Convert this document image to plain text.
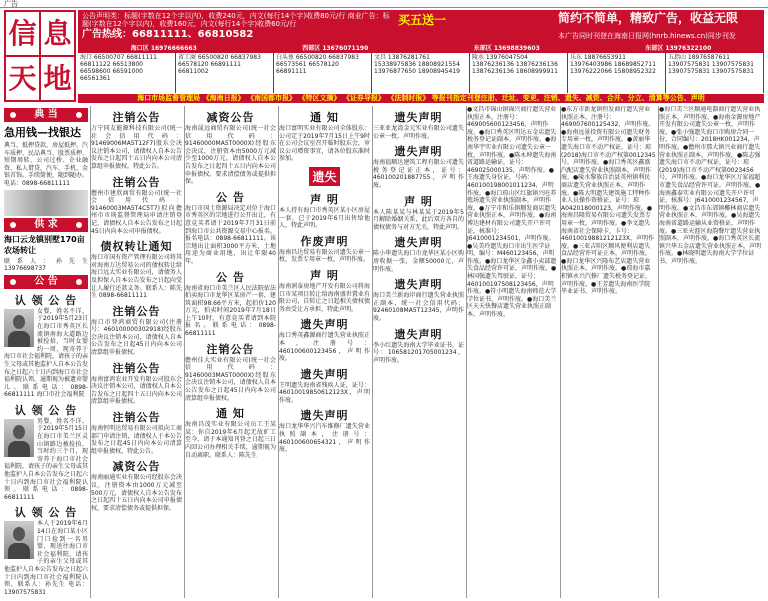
广告
信 息
天 地
公告声明类：标题(字数在12个字以内)，收费240元，内文(每行14个字)收费80元/行 商业广告：标题(字数在12个字以内)，收费160元，内文(每行14个字)收费60元/行
广告热线：66811111、66810582
买五送一	简约不简单，精致广告，收益无限
本广告同时刊登在海南日报网(hnrb.hinews.cn)同步刊发
海口区 16976666663	西部区 13676071190	东部区 13698839603	东部区 13976322100
海口 66500707 66811111 66811122 66513800 66598600 66591000 66561361
省工商 66500820 66837983 66578120 66891111 66811002
白头鱼 66500820 66837983 66573561 66578120 66891111
文昌 13876281761 15338975836 18808921554 13976877650 18908945419
陵水 13976047504 13876236136 13876236136 13876236136 18608999911
乐东 18876653911 13976403986 18689852711 13976222066 15808952322
五指山 18976587611 13907575831 13907575831 13907575831 13907575831
海口市场监督管理局 《海南日报》 《南国都市报》 《特区文摘》 《证券导报》 《法制时报》 等报刊指定刊登注册、迁址、变更、注销、遗失、减资、合并、分立、清算等公告、声明
典 当
急用钱—找银达
典当、抵押贷款、房屋抵押、汽车质押、民品典当、股票质押、短期周转、公司过桥、企业融资、私人借贷，汽车、手机、金银首饰。手续简便，随到随办。电话：0898-66811111
供 求
海口云龙镇别墅170亩农场转让
联系人：孙先生 13976698737
公 告
认 领 公 告
女婴，姓名不详，于2019年5月23日在海口市秀英区长流镇南海大道路边被捡拾，当时女婴约一周，现寄养于海口市社会福利院，请孩子的亲生父母或其他监护人自本公告发布之日起六十日内到海口市社会福利院认领，逾期视为被遗弃婴儿。联系电话：0898-66811111 海口市社会福利院
认 领 公 告
男婴，姓名不详，于2019年5月15日在海口市美兰区灵山镇路边被捡拾，当时约三个月，现寄养于海口市社会福利院，请孩子的亲生父母或其他监护人自本公告发布之日起六十日内到海口市社会福利院认领。联系电话：0898-66811111
认 领 公 告
本人于2019年6月14日在海口某小区门口捡到一名男婴，现送往海口市社会福利院，请孩子的亲生父母或其他监护人自本公告发布之日起六十日内到海口市社会福利院认领，联系人：孙先生 电话：13907575831
注销公告
万宁同友能源科技有限公司(统一社会信用代码：91469006MA5T12F7)股东会决议注销本公司，请债权人自本公告发布之日起四十五日内向本公司清算组申报债权。特此公告。
注销公告
儋州市建欣商贸有限公司(统一社会信用代码：91460003MA5T4C5T7)拟向儋州市市场监督管理局申请注销登记，请债权人自本公告发布之日起45日内向本公司申报债权。
债权转让通知
海口市国有资产管理有限公司将其对海南万达贸易公司的债权转让给海口远大实业有限公司，请债务人及担保人自本公告发布之日起向受让人履行还款义务。联系人：陈先生 0898-66811111
注销公告
海口市登鸿商贸有限公司(注册号：460100000302918)经股东会决议注销本公司，请债权人自本公告发布之日起45日内向本公司清算组申报债权。
注销公告
海南富鸿农业开发有限公司股东会决议注销本公司，请债权人自本公告发布之日起四十五日内向本公司清算组申报债权。
注销公告
海南恒明达贸易有限公司拟向工商部门申请注销，请债权人于本公告发布之日起45日内向本公司清算组申报债权，特此公告。
减资公告
海南丽通实业有限公司经股东会决议，注册资本由1000万元减至500万元，请债权人自本公告发布之日起四十五日内向本公司申报债权，要求清偿债务或提供担保。
减资公告
海南晟远商贸有限公司(统一社会信用代码：91460000MA5T0000X)经股东会决议，注册资本由5000万元减少至1000万元，请债权人自本公告发布之日起四十五日内向本公司申报债权，要求清偿债务或提供担保。
公 告
海口市国土资源局决定对位于海口市秀英区的宗地进行公开出让，有意竞买者请于2019年7月31日前到海口市公共资源交易中心报名。报名电话：0898-66811111。该宗地出让面积3000平方米，土地用途为商业用地，出让年限40年。
公 告
海南省海口市美兰区人民法院依法拍卖海口市龙华区某房产一套，建筑面积98.66平方米，起拍价120万元，拍卖时间2019年7月18日上午10时，有意竞买者请到本院报名。联系电话：0898-66811111
注销公告
儋州佳大实业有限公司(统一社会信用代码：91460003MA5T0000X)经股东会决议注销本公司，请债权人自本公告发布之日起45日内向本公司清算组申报债权。
通 知
海南昌茂实业有限公司员工王某某：你自2019年6月起无故旷工至今，请于本通知刊登之日起三日内回公司办理相关手续，逾期视为自动离职。联系人：陈先生
通 知
海口富明实业有限公司全体股东：公司定于2019年7月15日上午9时在公司会议室召开临时股东会，审议公司增资事宜，请各位股东准时参加。
遗失
声 明
本人持有海口市秀英区某小区房屋一套，已于2019年6月出售给他人，特此声明。
作废声明
海南昌达贸易有限公司遗失公章一枚，发票专用章一枚，声明作废。
声 明
海南润泰房地产开发有限公司将海口市某项目转让给海南盛世置业有限公司，自转让之日起相关债权债务由受让方承担，特此声明。
遗失声明
海口秀英鑫源商行遗失营业执照正本，注册号：460100600123456，声明作废。
遗失声明
王明遗失海南省残疾人证，证号：46010019850612123X，声明作废。
遗失声明
海口龙华华兴汽车维修厂遗失营业执照副本，注册号：460100600654321，声明作废。
遗失声明
三亚亚龙湾金元实业有限公司遗失公章一枚，声明作废。
遗失声明
海南福顺达建筑工程有限公司遗失税务登记证正本，证号：460100201887755，声明作废。
声 明
本人陈某某与林某某于2019年5月解除婚姻关系，此后双方各自的债权债务与对方无关，特此声明。
遗失声明
陈小华遗失海口市龙华区某小区购房收据一张，金额50000元，声明作废。
遗失声明
海口美兰新海岸商行遗失营业执照正副本，统一社会信用代码：92460108MA5T12345，声明作废。
遗失声明
李小红遗失海南大学毕业证书，证号：106581201705001234，声明作废。
●文昌市锦山镇锦兴商行遗失营业执照正本，注册号：469005600123456，声明作废。●海口秀英区明达五金店遗失税务登记证副本，声明作废。●海南华宇实业有限公司遗失公章一枚，声明作废。●陈永坤遗失海南省道路运输证，证号：469025000135，声明作废。●王海遗失身份证，号码：460100198001011234，声明作废。●海口琼山区红旗镇兴旺养殖场遗失营业执照副本，声明作废。●万宁市和乐镇顺发商店遗失营业执照正本，声明作废。●海南博达建材有限公司遗失开户许可证，核准号：J6410001234501，声明作废。●吴美玲遗失海口市出生医学证明，编号：M460123456，声明作废。●海口龙华区金鑫小卖部遗失食品经营许可证，声明作废。●林国强遗失驾驶证，证号：460100197508123456，声明作废。●符小明遗失海南师范大学学位证书，声明作废。●海口美兰区天天快餐店遗失营业执照正副本，声明作废。
●东方市新龙镇恒发商行遗失营业执照正本，注册号：469007600125432，声明作废。●海南远景投资有限公司遗失财务专用章一枚，声明作废。●黄丽华遗失海口市不动产权证，证号：琼(2018)海口市不动产权第0012345号，声明作废。●海口秀英区鑫盛汽配店遗失营业执照副本，声明作废。●陵水黎族自治县英州镇利民商店遗失营业执照正本，声明作废。●陈大明遗失建筑施工特种作业人员操作资格证，证号：琼A042018000123，声明作废。●海南昌隆贸易有限公司遗失发票专用章一枚，声明作废。●李文遗失海南省社会保障卡，卡号：46010019881212123X，声明作废。●三亚吉阳区顺风便利店遗失食品经营许可证正本，声明作废。●海口龙华区兴隆布艺店遗失营业执照正本，声明作废。●琼海市嘉积镇永兴汽修厂遗失税务登记证，声明作废。●王芳遗失海南医学院毕业证书，声明作废。
●海口美兰区顺通电器商行遗失营业执照正本，声明作废。●海南金源房地产开发有限公司遗失公章一枚，声明作废。●张小强遗失海口市购房合同一份，合同编号：2018HK001234，声明作废。●儋州市那大镇兴业商行遗失营业执照正副本，声明作废。●陈志强遗失海口市不动产权证，证号：琼(2019)海口市不动产权第0023456号，声明作废。●海口龙华区万家福超市遗失食品经营许可证，声明作废。●海南鑫泰实业有限公司遗失开户许可证，核准号：J6410001234567，声明作废。●文昌市东郊镇椰林商店遗失营业执照正本，声明作废。●吴海遗失海南省道路运输从业资格证，声明作废。●三亚天涯区海韵餐厅遗失营业执照副本，声明作废。●海口秀英区长流镇兴华五金店遗失营业执照正本，声明作废。●林晓明遗失海南大学学位证书，声明作废。
